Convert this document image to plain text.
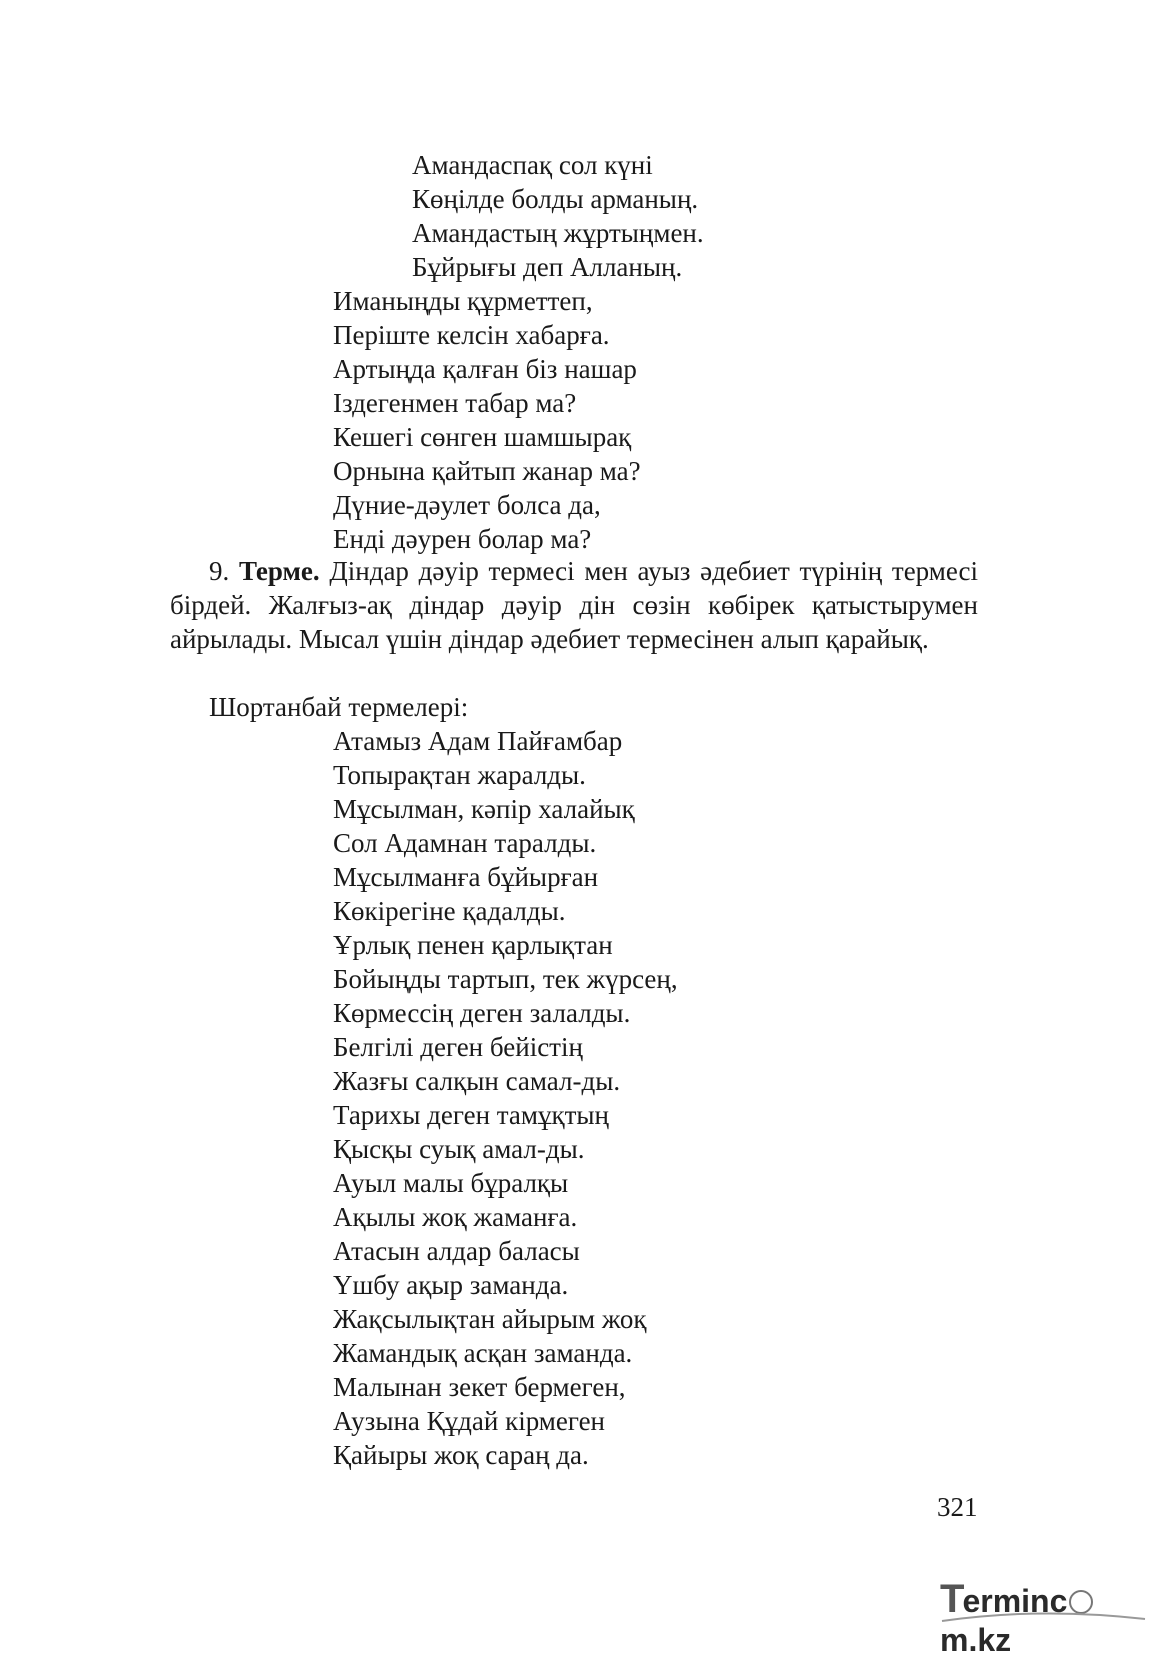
Амандаспақ сол күні
Көңілде болды арманың.
Амандастың жұртыңмен.
Бұйрығы деп Алланың.
Иманыңды құрметтеп,
Перiште келсiн хабарға.
Артыңда қалған бiз нашар
Iздегенмен табар ма?
Кешегi сөнген шамшырақ
Орнына қайтып жанар ма?
Дүние-дәулет болса да,
Ендi дәурен болар ма?
9. Терме. Діндар дәуір термесі мен ауыз әдебиет түрінің термесі бірдей. Жалғыз-ақ діндар дәуір дін сөзін көбірек қатыстырумен айрылады. Мысал үшін діндар әдебиет термесінен алып қарайық.
Шортанбай термелері:
Атамыз Адам Пайғамбар
Топырақтан жаралды.
Мұсылман, кәпір халайық
Сол Адамнан таралды.
Мұсылманға бұйырған
Көкiрегiне қадалды.
Ұрлық пенен қарлықтан
Бойыңды тартып, тек жүрсең,
Көрмессiң деген залалды.
Белгiлi деген бейiстiң
Жазғы салқын самал-ды.
Тарихы деген тамұқтың
Қысқы суық амал-ды.
Ауыл малы бұралқы
Ақылы жоқ жаманға.
Атасын алдар баласы
Үшбу ақыр заманда.
Жақсылықтан айырым жоқ
Жамандық асқан заманда.
Малынан зекет бермеген,
Аузына Құдай кiрмеген
Қайыры жоқ сараң да.
321
Termincm.kz
